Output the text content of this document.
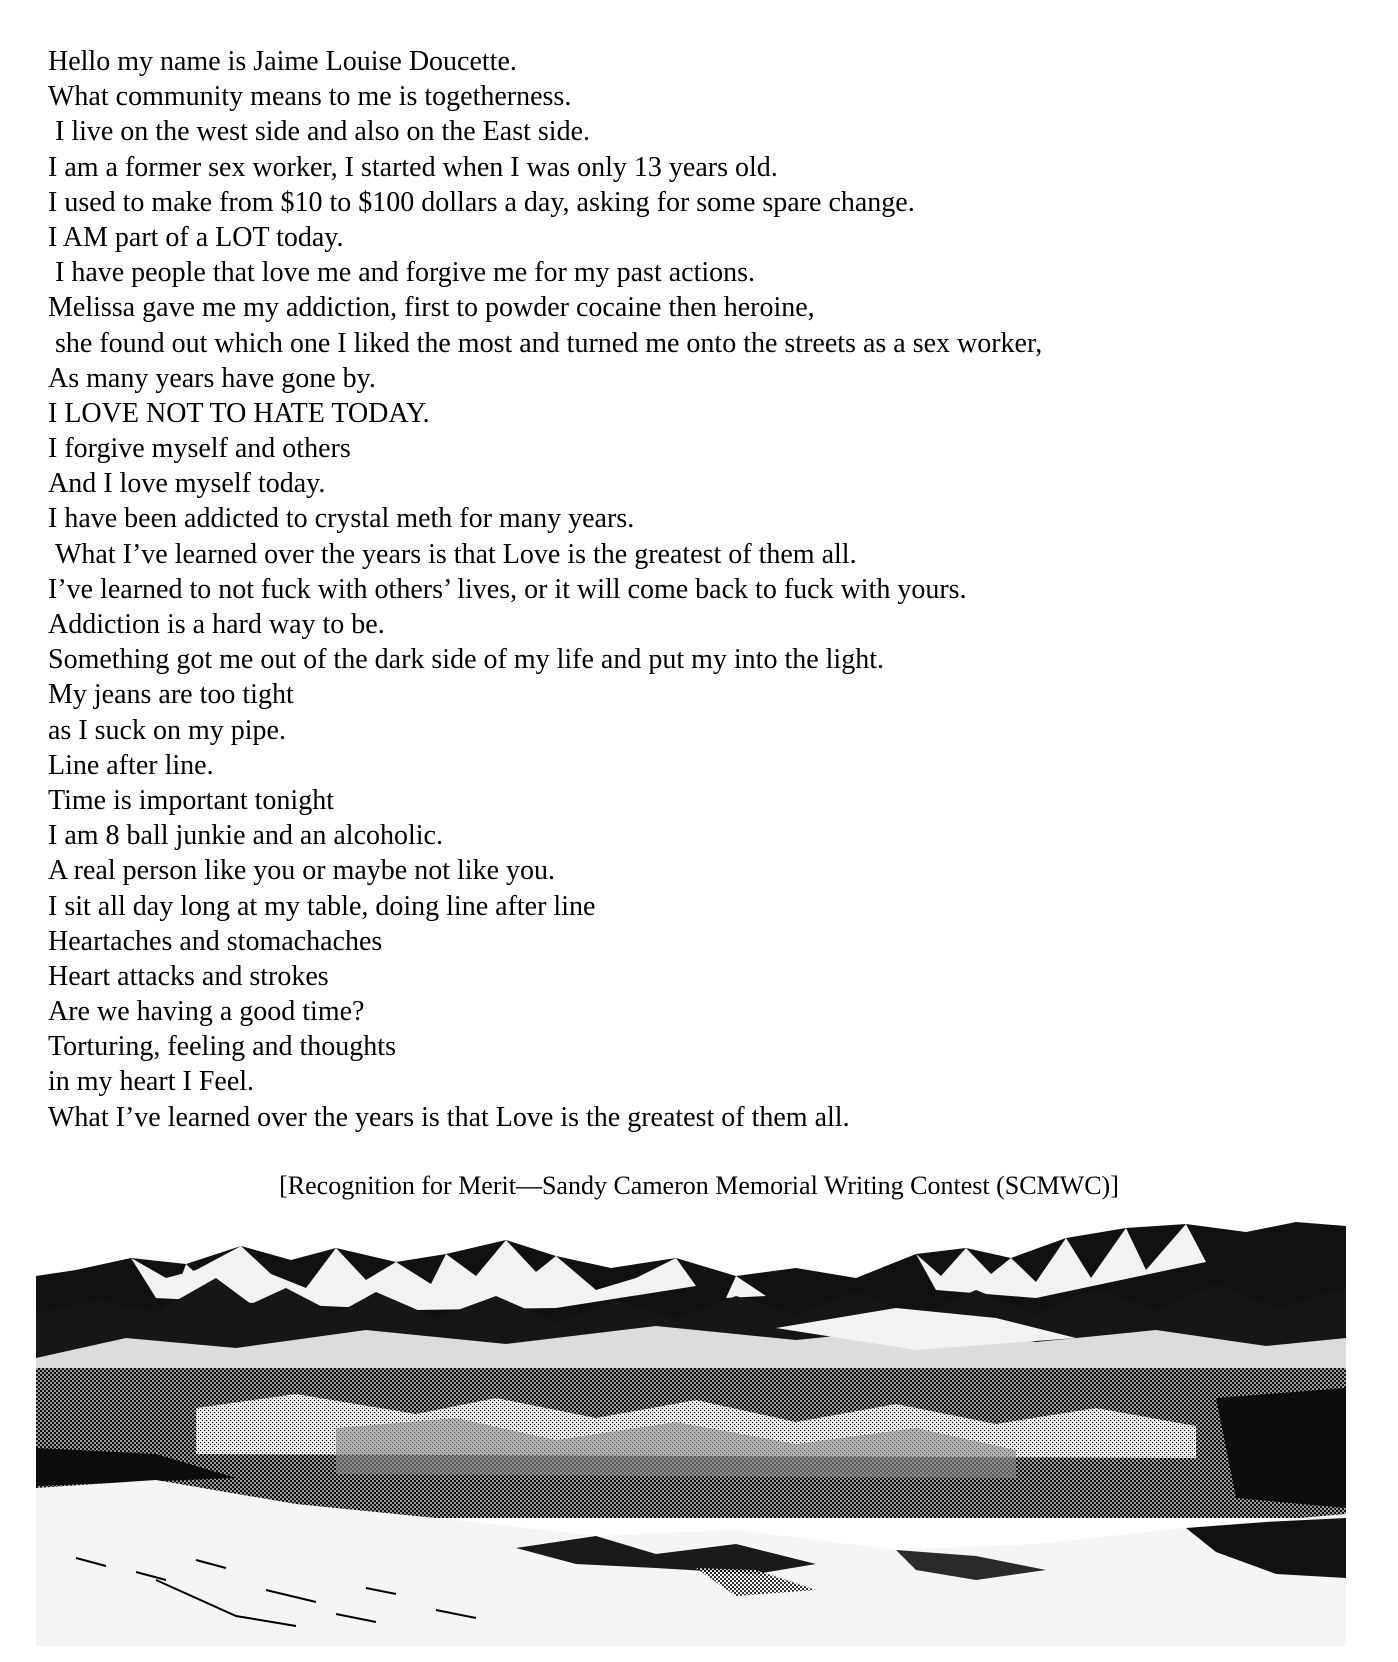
Hello my name is Jaime Louise Doucette.
What community means to me is togetherness.
I live on the west side and also on the East side.
I am a former sex worker, I started when I was only 13 years old.
I used to make from $10 to $100 dollars a day, asking for some spare change.
I AM part of a LOT today.
I have people that love me and forgive me for my past actions.
Melissa gave me my addiction, first to powder cocaine then heroine,
she found out which one I liked the most and turned me onto the streets as a sex worker,
As many years have gone by.
I LOVE NOT TO HATE TODAY.
I forgive myself and others
And I love myself today.
I have been addicted to crystal meth for many years.
What I’ve learned over the years is that Love is the greatest of them all.
I’ve learned to not fuck with others’ lives, or it will come back to fuck with yours.
Addiction is a hard way to be.
Something got me out of the dark side of my life and put my into the light.
My jeans are too tight
as I suck on my pipe.
Line after line.
Time is important tonight
I am 8 ball junkie and an alcoholic.
A real person like you or maybe not like you.
I sit all day long at my table, doing line after line
Heartaches and stomachaches
Heart attacks and strokes
Are we having a good time?
Torturing, feeling and thoughts
in my heart I Feel.
What I’ve learned over the years is that Love is the greatest of them all.
[Recognition for Merit—Sandy Cameron Memorial Writing Contest (SCMWC)]
